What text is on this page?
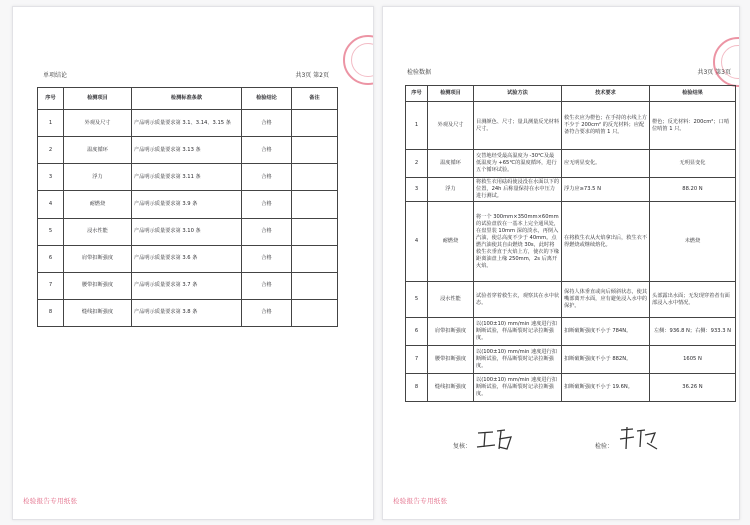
单项结论	共3页 第2页
序号	检测项目	检测标准条款	检验结论	备注
1	外观及尺寸	产品明示质量要求第 3.1、3.14、3.15 条	合格	
2	温度循环	产品明示质量要求第 3.13 条	合格	
3	浮力	产品明示质量要求第 3.11 条	合格	
4	耐燃烧	产品明示质量要求第 3.9 条	合格	
5	浸水性能	产品明示质量要求第 3.10 条	合格	
6	肩带扣断强度	产品明示质量要求第 3.6 条	合格	
7	腰带扣断强度	产品明示质量要求第 3.7 条	合格	
8	缝线扣断强度	产品明示质量要求第 3.8 条	合格	
检验报告专用纸张
检验数据	共3页 第3页
序号	检测项目	试验方法	技术要求	检验结果
1	外观及尺寸	目测颜色、尺寸；量具测量反光材料尺寸。	救生衣应为橙色；在手持的水线上方不少于 200cm² 的反光材料；应配备符合要求的哨笛 1 只。	橙色；反光材料：200cm²；口哨位哨笛 1 只。
2	温度循环	交替地经受最高温度为 -30℃及最低温度为 +65℃的温度循环，进行五个循环试验。	应无明显变化。	无明显变化
3	浮力	将救生衣用砝码使浸没在水面以下的位置，24h 后称量保持在水中压力进行测试。	浮力应≥73.5 N	88.20 N
4	耐燃烧	将一个 300mm×350mm×60mm 的试验盘放在一基本上完全通风处，在盘里装 10mm 深的淡水，再倒入汽油，使总高度不少于 40mm。点燃汽油使其自由燃烧 30s，此时将救生衣垂直于火焰上方，使衣的下缘距离油盘上缘 250mm，2s 后离开火焰。	在将救生衣从火焰拿出后，救生衣不得燃烧或继续熔化。	未燃烧
5	浸水性能	试验者穿着救生衣，观察其在水中状态。	保持人体垂直或向后倾斜状态，使其嘴部离开水面，应有避免浸入水中的保护。	头部露出水面；无发现穿着者有面部浸入水中情况。
6	肩带扣断强度	以(100±10) mm/min 速度进行扣断断试验，样品断裂时记录拉断强度。	扣断破断强度不小于 784N。	左侧：936.8 N；右侧：933.3 N
7	腰带扣断强度	以(100±10) mm/min 速度进行扣断断试验，样品断裂时记录拉断强度。	扣断破断强度不小于 882N。	1605 N
8	缝线扣断强度	以(100±10) mm/min 速度进行扣断断试验，样品断裂时记录拉断强度。	扣断破断强度不小于 19.6N。	36.26 N
复核：	检验：
检验报告专用纸张
